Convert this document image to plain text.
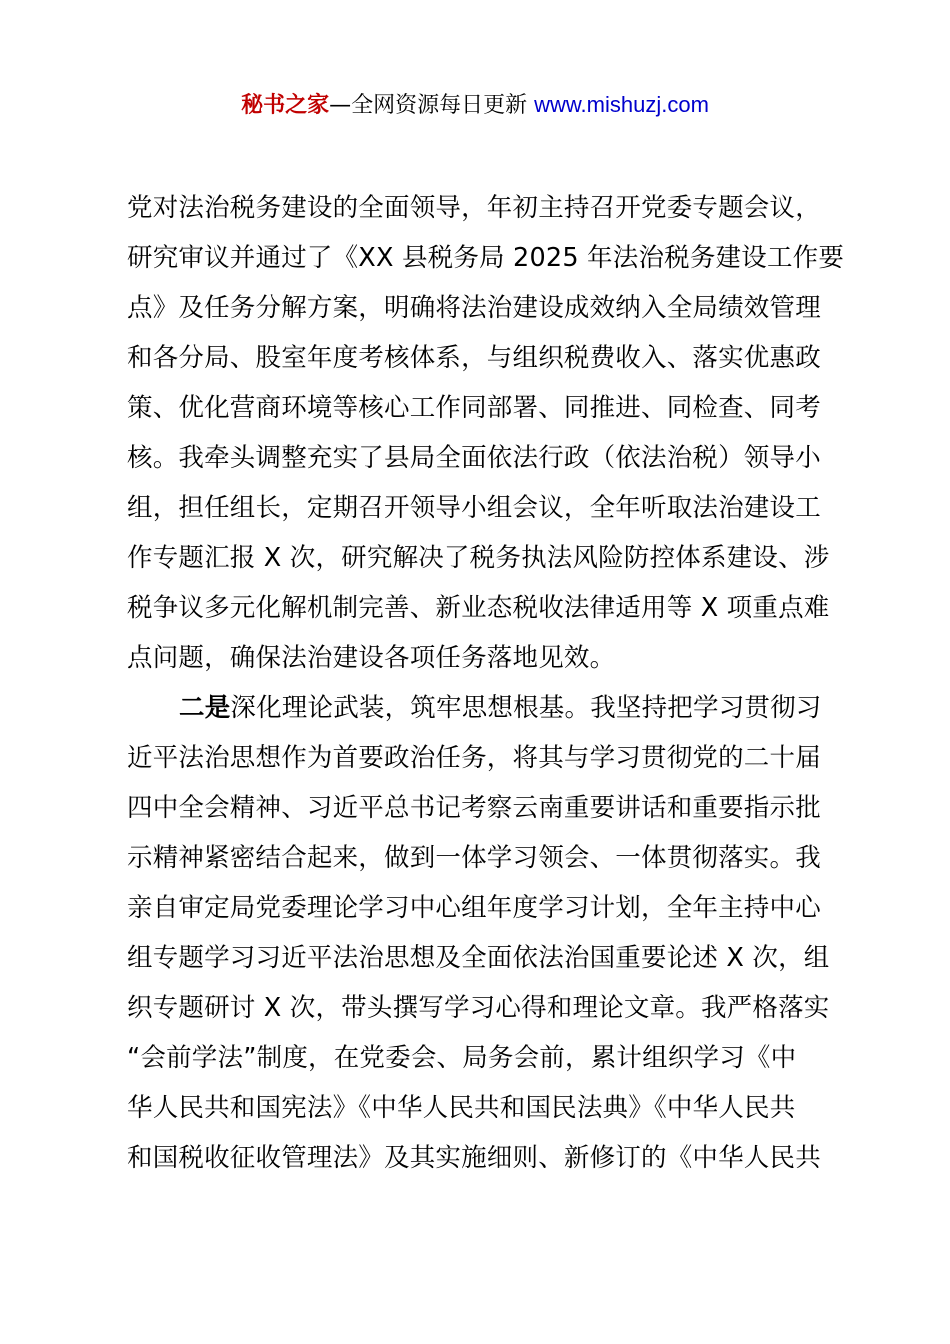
秘书之家—全网资源每日更新 www.mishuzj.com
党对法治税务建设的全面领导，年初主持召开党委专题会议，
研究审议并通过了《XX 县税务局 2025 年法治税务建设工作要
点》及任务分解方案，明确将法治建设成效纳入全局绩效管理
和各分局、股室年度考核体系，与组织税费收入、落实优惠政
策、优化营商环境等核心工作同部署、同推进、同检查、同考
核。我牵头调整充实了县局全面依法行政（依法治税）领导小
组，担任组长，定期召开领导小组会议，全年听取法治建设工
作专题汇报 X 次，研究解决了税务执法风险防控体系建设、涉
税争议多元化解机制完善、新业态税收法律适用等 X 项重点难
点问题，确保法治建设各项任务落地见效。
二是深化理论武装，筑牢思想根基。我坚持把学习贯彻习
近平法治思想作为首要政治任务，将其与学习贯彻党的二十届
四中全会精神、习近平总书记考察云南重要讲话和重要指示批
示精神紧密结合起来，做到一体学习领会、一体贯彻落实。我
亲自审定局党委理论学习中心组年度学习计划，全年主持中心
组专题学习习近平法治思想及全面依法治国重要论述 X 次，组
织专题研讨 X 次，带头撰写学习心得和理论文章。我严格落实
“会前学法”制度，在党委会、局务会前，累计组织学习《中
华人民共和国宪法》《中华人民共和国民法典》《中华人民共
和国税收征收管理法》及其实施细则、新修订的《中华人民共
